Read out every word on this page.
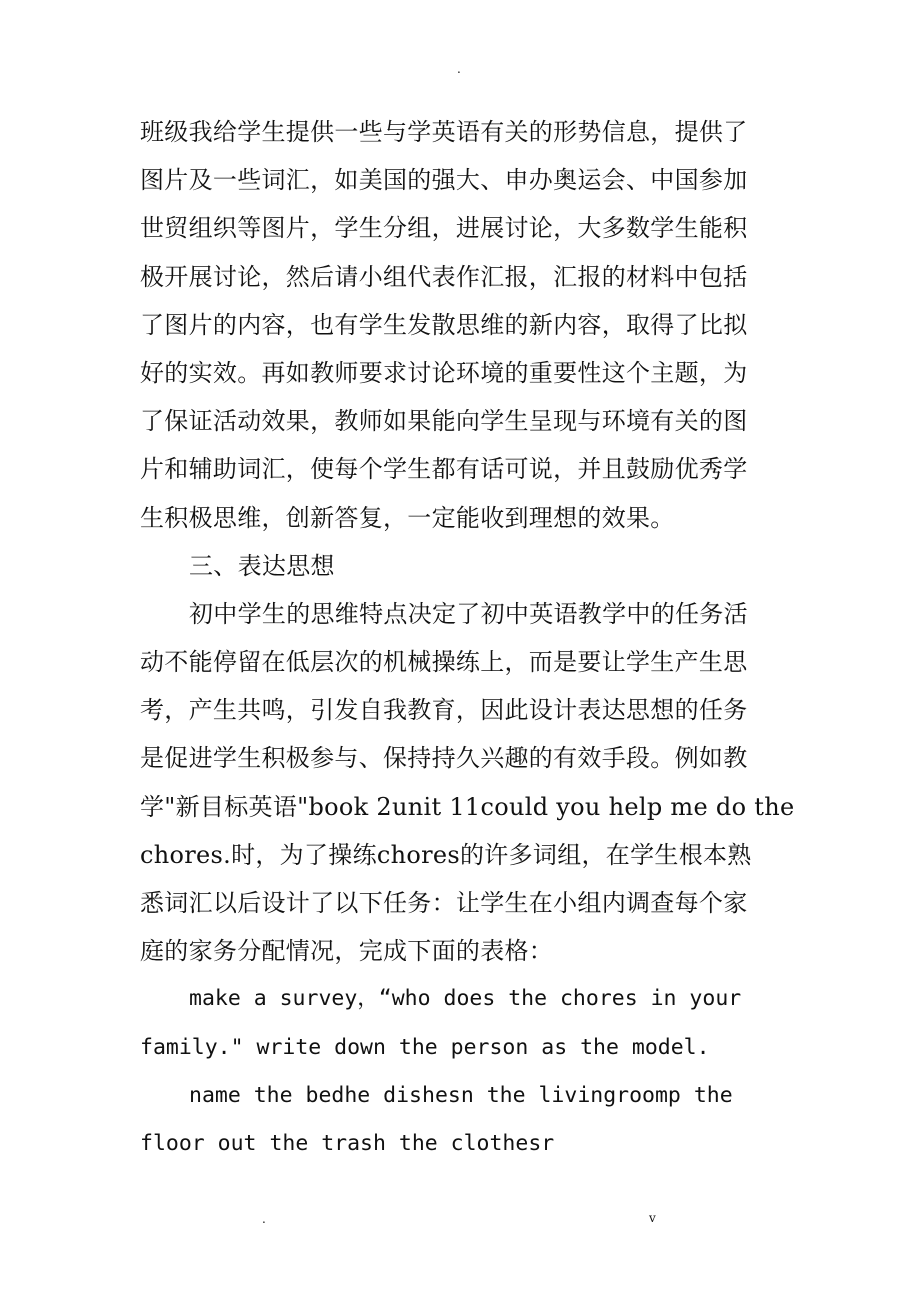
.
班级我给学生提供一些与学英语有关的形势信息，提供了
图片及一些词汇，如美国的强大、申办奥运会、中国参加
世贸组织等图片，学生分组，进展讨论，大多数学生能积
极开展讨论，然后请小组代表作汇报，汇报的材料中包括
了图片的内容，也有学生发散思维的新内容，取得了比拟
好的实效。再如教师要求讨论环境的重要性这个主题，为
了保证活动效果，教师如果能向学生呈现与环境有关的图
片和辅助词汇，使每个学生都有话可说，并且鼓励优秀学
生积极思维，创新答复，一定能收到理想的效果。
三、表达思想
初中学生的思维特点决定了初中英语教学中的任务活
动不能停留在低层次的机械操练上，而是要让学生产生思
考，产生共鸣，引发自我教育，因此设计表达思想的任务
是促进学生积极参与、保持持久兴趣的有效手段。例如教
学"新目标英语"book 2unit 11could you help me do the
chores.时，为了操练chores的许多词组，在学生根本熟
悉词汇以后设计了以下任务：让学生在小组内调查每个家
庭的家务分配情况，完成下面的表格：
make a survey，“who does the chores in your
family." write down the person as the model.
name the bedhe dishesn the livingroomp the
floor out the trash the clothesr
.	v
